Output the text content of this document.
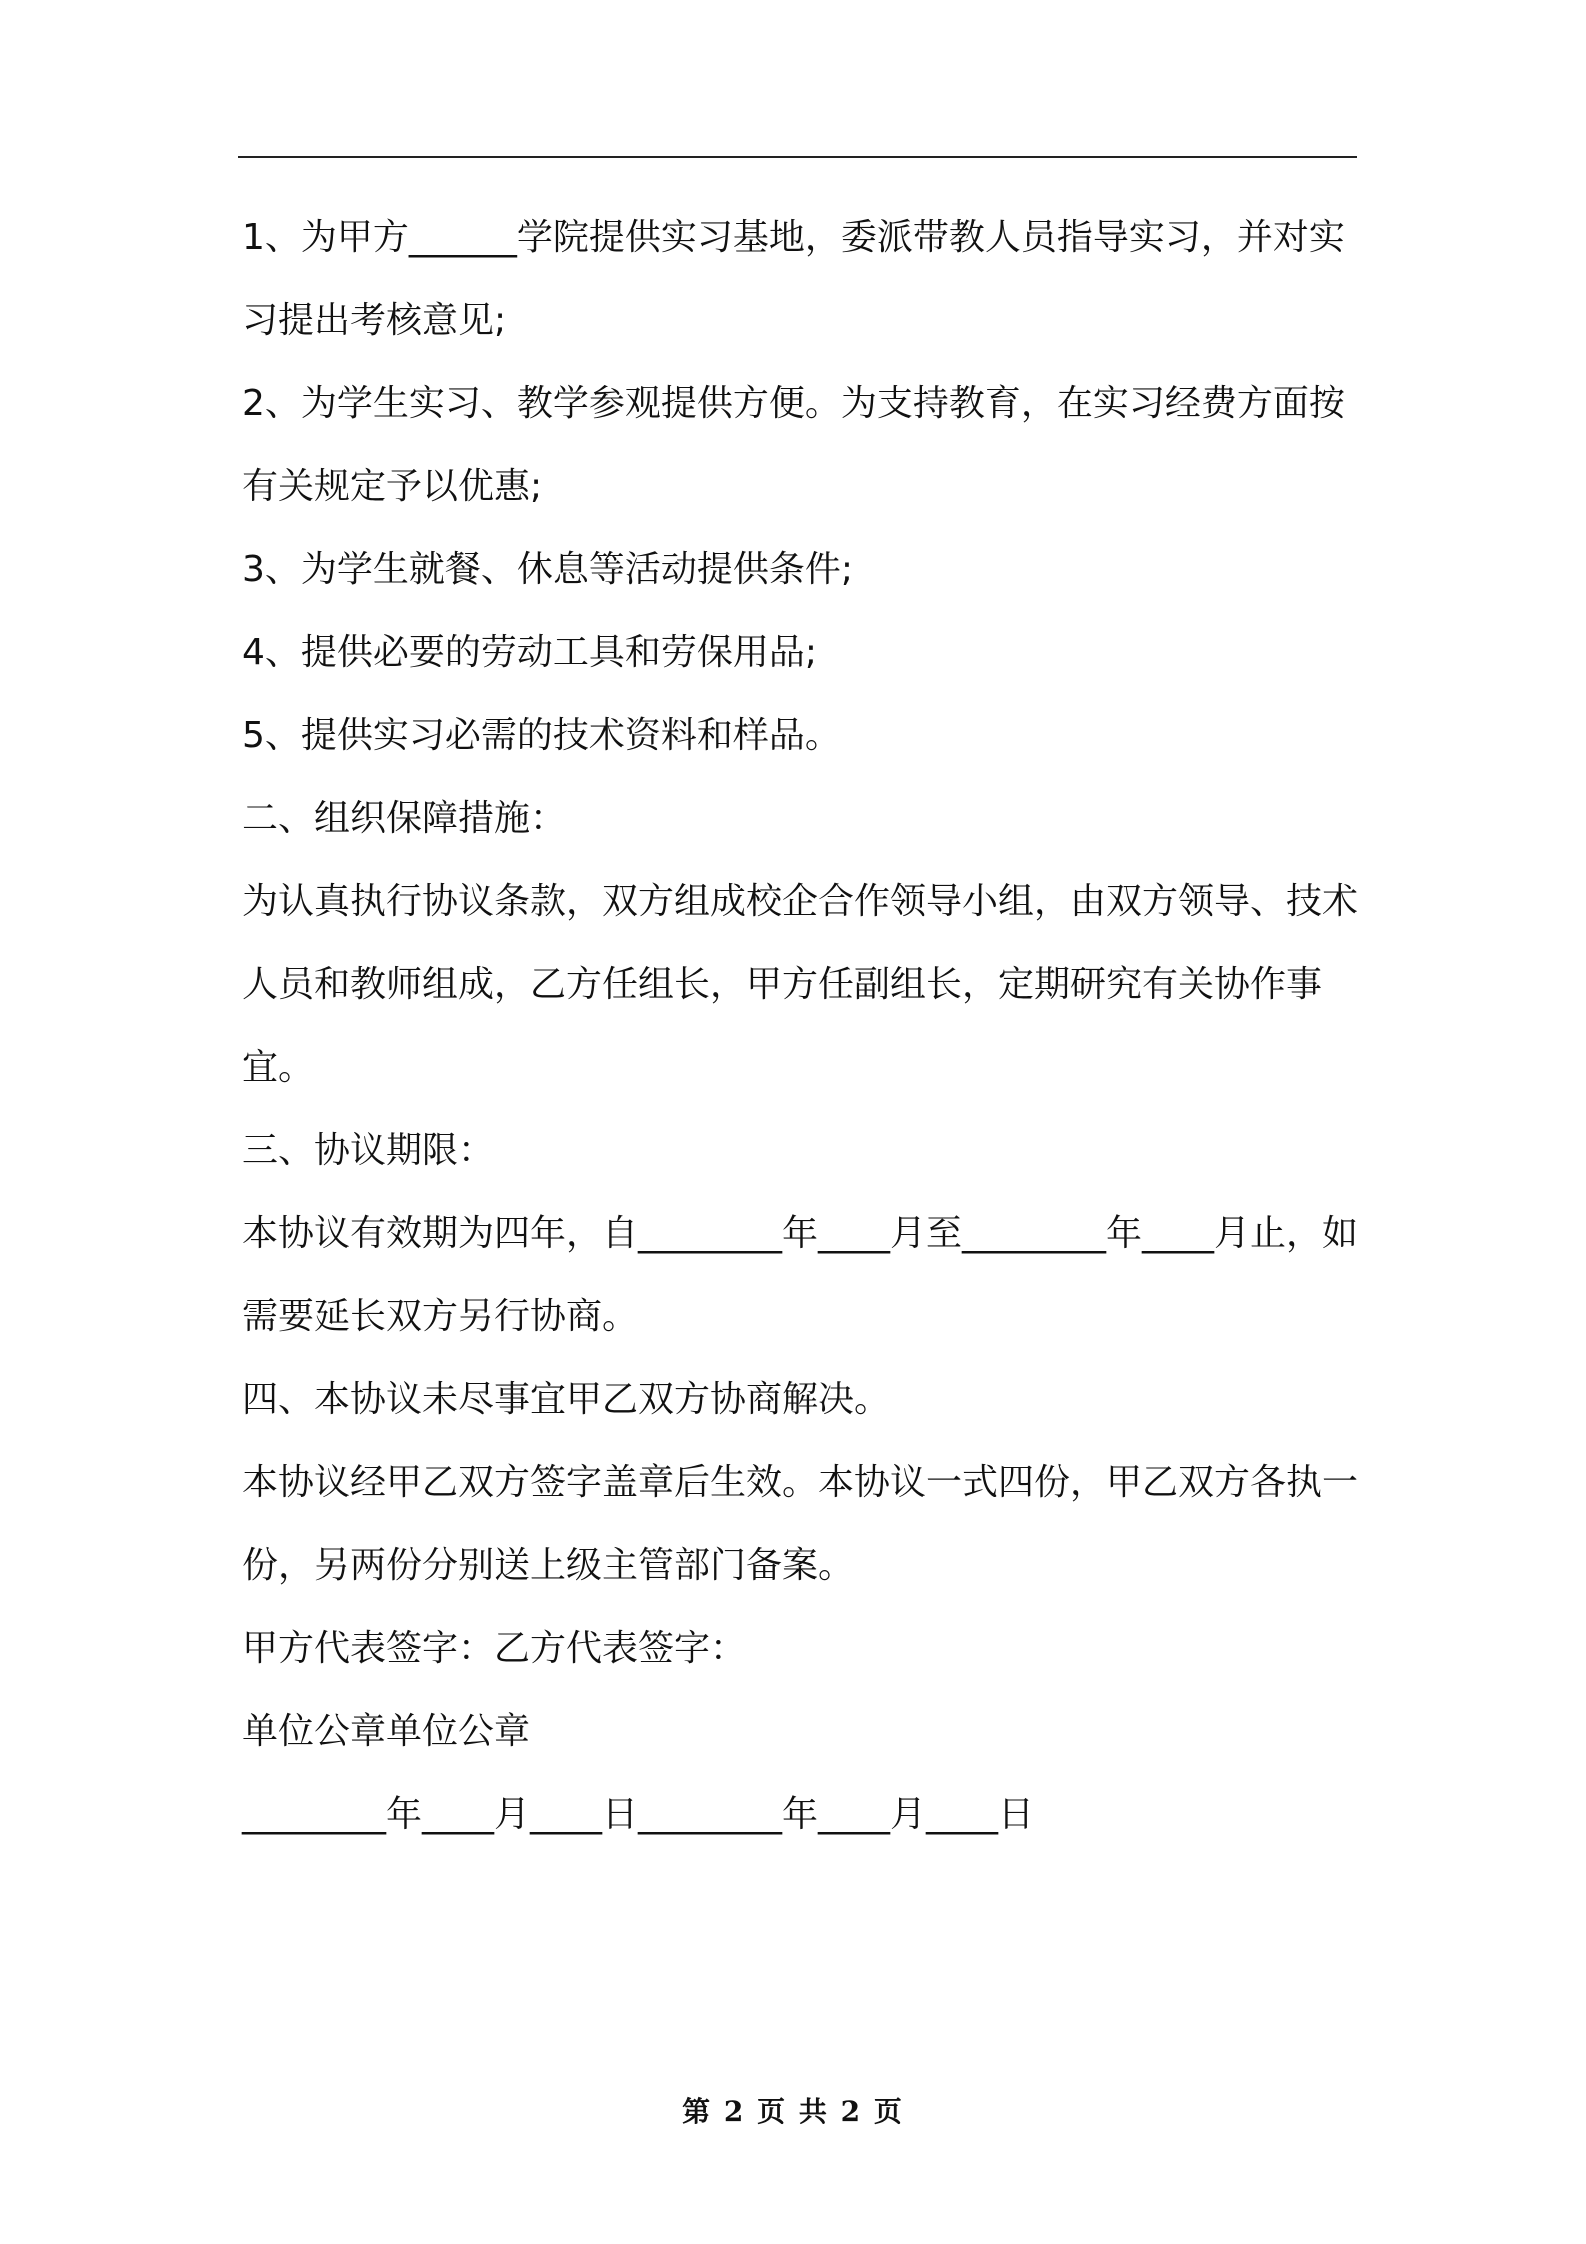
1、为甲方______学院提供实习基地，委派带教人员指导实习，并对实习提出考核意见;

2、为学生实习、教学参观提供方便。为支持教育，在实习经费方面按有关规定予以优惠;

3、为学生就餐、休息等活动提供条件;

4、提供必要的劳动工具和劳保用品;

5、提供实习必需的技术资料和样品。

二、组织保障措施：

为认真执行协议条款，双方组成校企合作领导小组，由双方领导、技术人员和教师组成，乙方任组长，甲方任副组长，定期研究有关协作事宜。

三、协议期限：

本协议有效期为四年，自________年____月至________年____月止，如需要延长双方另行协商。

四、本协议未尽事宜甲乙双方协商解决。

本协议经甲乙双方签字盖章后生效。本协议一式四份，甲乙双方各执一份，另两份分别送上级主管部门备案。

甲方代表签字：乙方代表签字：

单位公章单位公章

________年____月____日________年____月____日

第 2 页 共 2 页
